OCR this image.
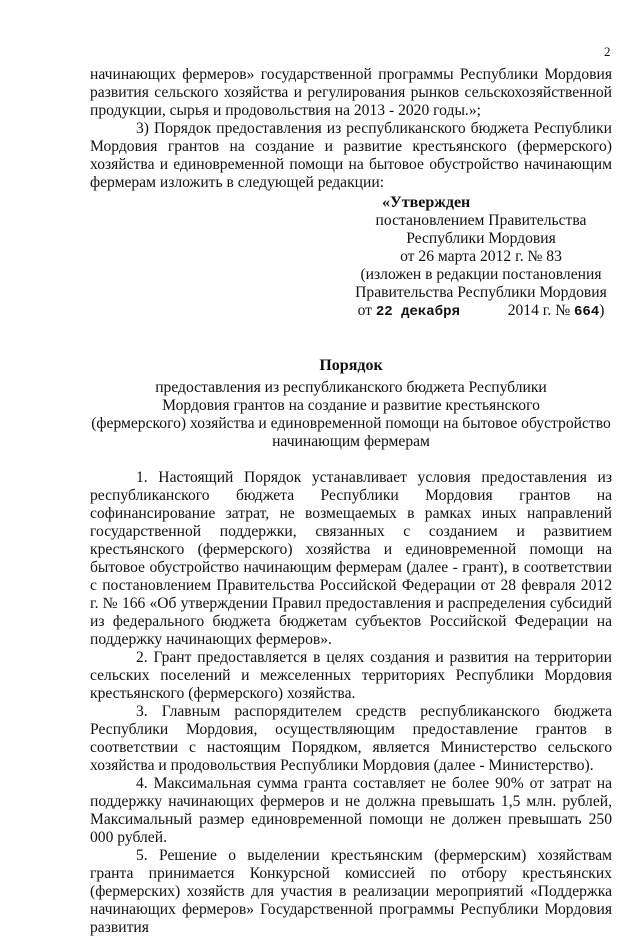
2

начинающих фермеров» государственной программы Республики Мордовия развития сельского хозяйства и регулирования рынков сельскохозяйственной продукции, сырья и продовольствия на 2013 - 2020 годы.»;

3) Порядок предоставления из республиканского бюджета Республики Мордовия грантов на создание и развитие крестьянского (фермерского) хозяйства и единовременной помощи на бытовое обустройство начинающим фермерам изложить в следующей редакции:

«Утвержден
постановлением Правительства
Республики Мордовия
от 26 марта 2012 г. № 83
(изложен в редакции постановления
Правительства Республики Мордовия
от 22 декабря	2014 г. № 664)
Порядок
предоставления из республиканского бюджета Республики
Мордовия грантов на создание и развитие крестьянского
(фермерского) хозяйства и единовременной помощи на бытовое обустройство
начинающим фермерам

1. Настоящий Порядок устанавливает условия предоставления из республиканского бюджета Республики Мордовия грантов на софинансирование затрат, не возмещаемых в рамках иных направлений государственной поддержки, связанных с созданием и развитием крестьянского (фермерского) хозяйства и единовременной помощи на бытовое обустройство начинающим фермерам (далее - грант), в соответствии с постановлением Правительства Российской Федерации от 28 февраля 2012 г. № 166 «Об утверждении Правил предоставления и распределения субсидий из федерального бюджета бюджетам субъектов Российской Федерации на поддержку начинающих фермеров».

2. Грант предоставляется в целях создания и развития на территории сельских поселений и межселенных территориях Республики Мордовия крестьянского (фермерского) хозяйства.

3. Главным распорядителем средств республиканского бюджета Республики Мордовия, осуществляющим предоставление грантов в соответствии с настоящим Порядком, является Министерство сельского хозяйства и продовольствия Республики Мордовия (далее - Министерство).

4. Максимальная сумма гранта составляет не более 90% от затрат на поддержку начинающих фермеров и не должна превышать 1,5 млн. рублей, Максимальный размер единовременной помощи не должен превышать 250 000 рублей.

5. Решение о выделении крестьянским (фермерским) хозяйствам гранта принимается Конкурсной комиссией по отбору крестьянских (фермерских) хозяйств для участия в реализации мероприятий «Поддержка начинающих фермеров» Государственной программы Республики Мордовия развития
